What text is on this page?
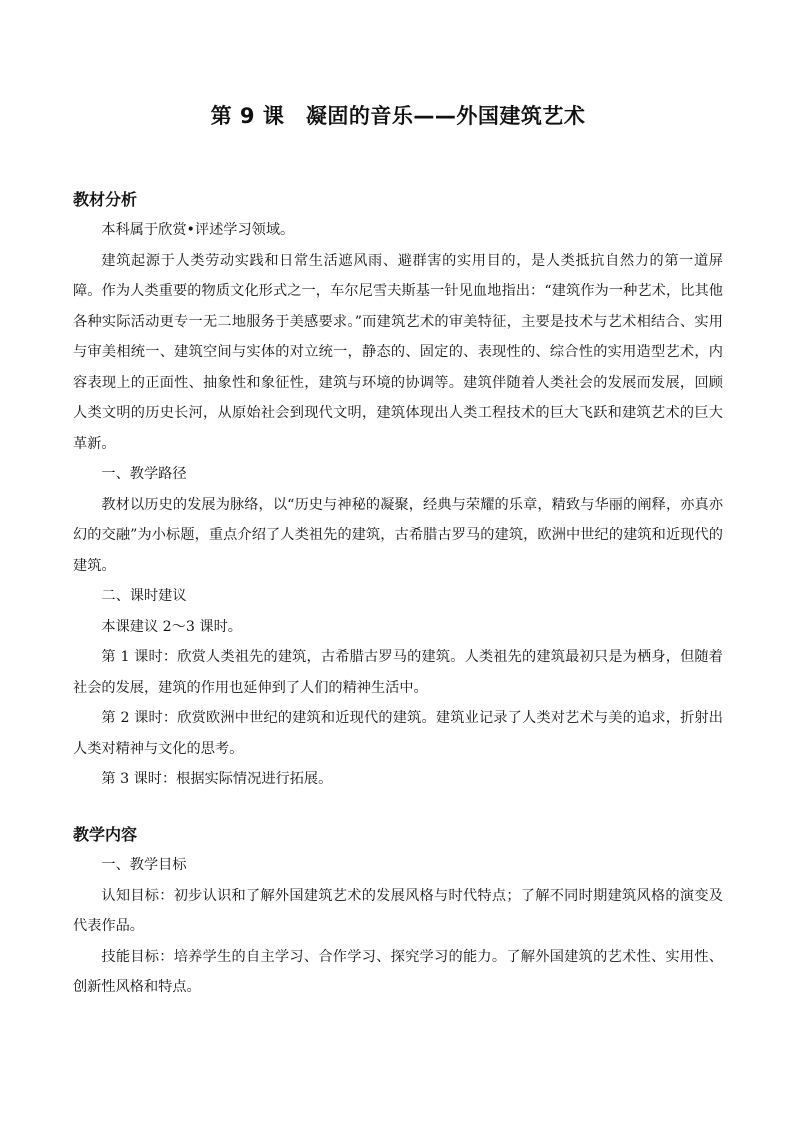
第 9 课　凝固的音乐——外国建筑艺术
教材分析

本科属于欣赏•评述学习领域。

建筑起源于人类劳动实践和日常生活遮风雨、避群害的实用目的，是人类抵抗自然力的第一道屏障。作为人类重要的物质文化形式之一，车尔尼雪夫斯基一针见血地指出：“建筑作为一种艺术，比其他各种实际活动更专一无二地服务于美感要求。”而建筑艺术的审美特征，主要是技术与艺术相结合、实用与审美相统一、建筑空间与实体的对立统一，静态的、固定的、表现性的、综合性的实用造型艺术，内容表现上的正面性、抽象性和象征性，建筑与环境的协调等。建筑伴随着人类社会的发展而发展，回顾人类文明的历史长河，从原始社会到现代文明，建筑体现出人类工程技术的巨大飞跃和建筑艺术的巨大革新。

一、教学路径

教材以历史的发展为脉络，以“历史与神秘的凝聚，经典与荣耀的乐章，精致与华丽的阐释，亦真亦幻的交融”为小标题，重点介绍了人类祖先的建筑，古希腊古罗马的建筑，欧洲中世纪的建筑和近现代的建筑。

二、课时建议

本课建议 2～3 课时。

第 1 课时：欣赏人类祖先的建筑，古希腊古罗马的建筑。人类祖先的建筑最初只是为栖身，但随着社会的发展，建筑的作用也延伸到了人们的精神生活中。

第 2 课时：欣赏欧洲中世纪的建筑和近现代的建筑。建筑业记录了人类对艺术与美的追求，折射出人类对精神与文化的思考。

第 3 课时：根据实际情况进行拓展。

教学内容

一、教学目标

认知目标：初步认识和了解外国建筑艺术的发展风格与时代特点；了解不同时期建筑风格的演变及代表作品。

技能目标：培养学生的自主学习、合作学习、探究学习的能力。了解外国建筑的艺术性、实用性、创新性风格和特点。
